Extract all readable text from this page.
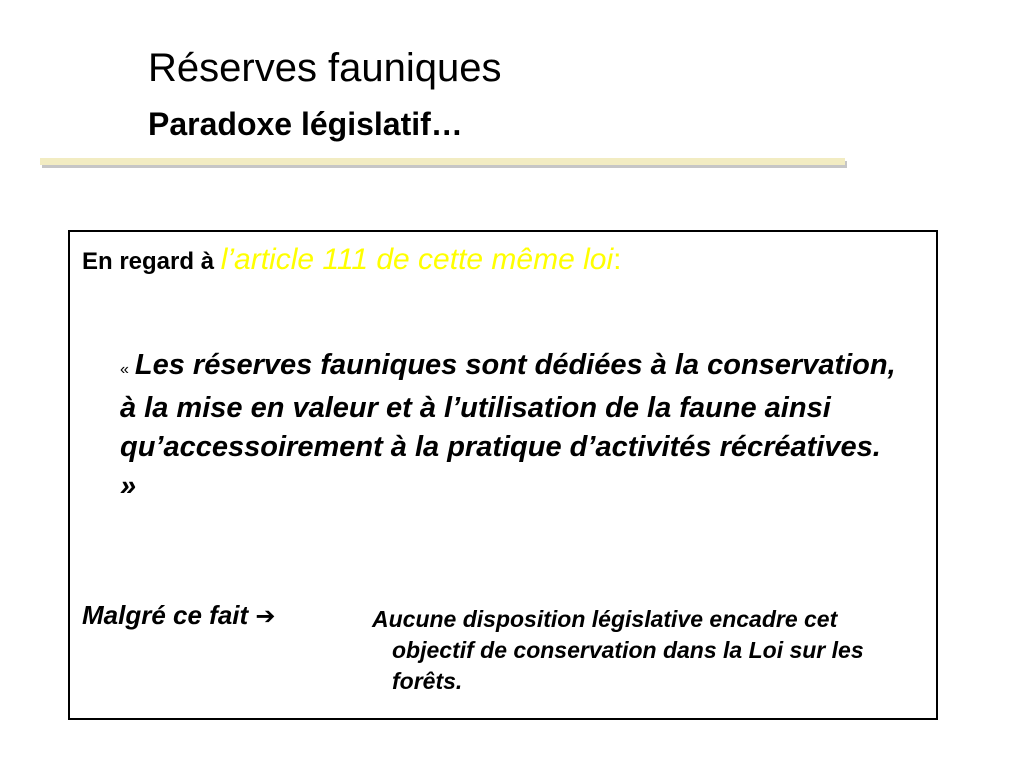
Réserves fauniques
Paradoxe législatif…
En regard à l’article 111 de cette même loi:
« Les réserves fauniques sont dédiées à la conservation, à la mise en valeur et à l’utilisation de la faune ainsi qu’accessoirement à la pratique d’activités récréatives. »
Malgré ce fait ➔	Aucune disposition législative encadre cet objectif de conservation dans la Loi sur les forêts.
